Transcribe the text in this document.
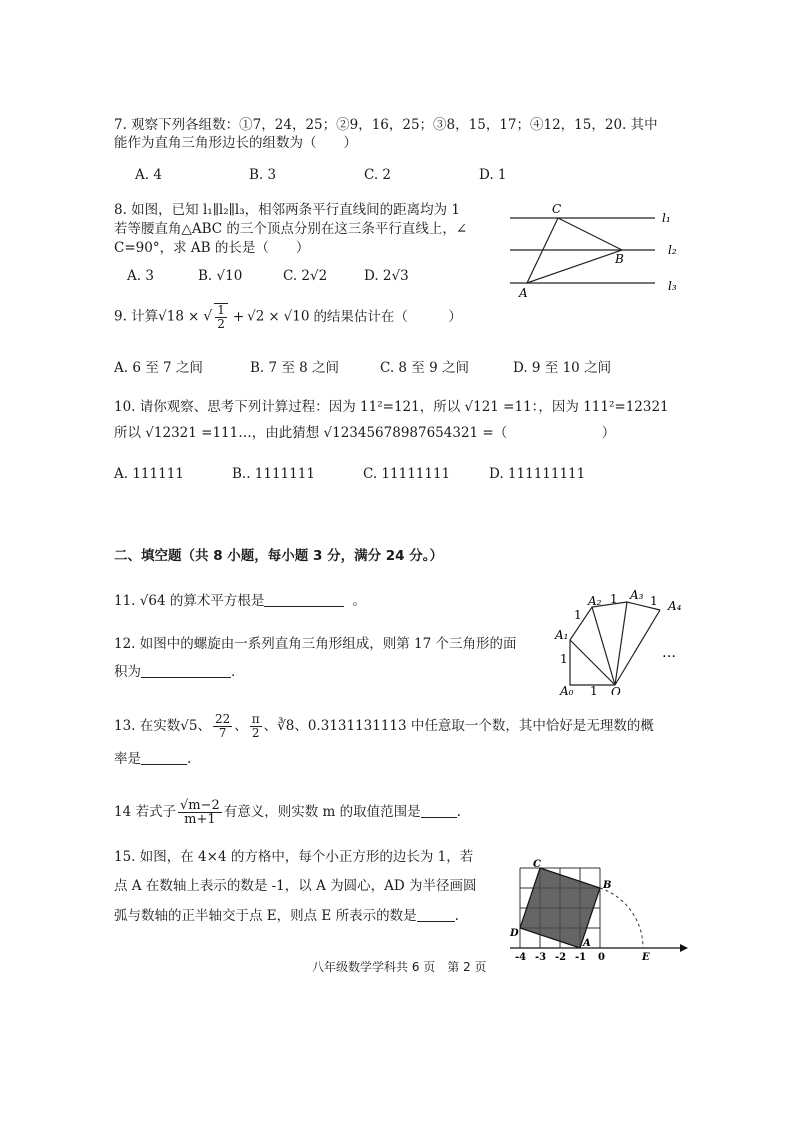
7. 观察下列各组数：①7，24，25；②9，16，25；③8，15，17；④12，15，20. 其中
能作为直角三角形边长的组数为（　　）
A. 4	B. 3	C. 2	D. 1
8. 如图，已知 l₁∥l₂∥l₃，相邻两条平行直线间的距离均为 1
若等腰直角△ABC 的三个顶点分别在这三条平行直线上，∠
C=90°，求 AB 的长是（　　）
A. 3	B. √10	C. 2√2	D. 2√3
C
B
A
l₁
l₂
l₃
9. 计算√18 × √ $\frac{1}{2} + √2 \times √10$ 的结果估计在（　　　）
A. 6 至 7 之间	B. 7 至 8 之间	C. 8 至 9 之间	D. 9 至 10 之间
10. 请你观察、思考下列计算过程：因为 11²=121，所以 √121 =11：，因为 111²=12321
所以 √12321 =111…，由此猜想 √12345678987654321 =（　　　　　　　）
A. 111111	B.. 1111111	C. 11111111	D. 111111111
二、填空题（共 8 小题，每小题 3 分，满分 24 分。）
11. √64 的算术平方根是	。
12. 如图中的螺旋由一系列直角三角形组成，则第 17 个三角形的面
积为	.
A₀
A₁
A₂ A₃
A₄
O
1
1
1
1	1
…
13. 在实数√5、 $\frac{22}{7}$ 、 $\frac{\pi}{2}$ 、∛8、0.3131131113 中任意取一个数，其中恰好是无理数的概
率是	.
14 若式子 $\frac{√m-2}{m+1}$ 有意义，则实数 m 的取值范围是	.
15. 如图，在 4×4 的方格中，每个小正方形的边长为 1，若
点 A 在数轴上表示的数是 -1，以 A 为圆心，AD 为半径画圆
弧与数轴的正半轴交于点 E，则点 E 所表示的数是	.
C
B
D
A
E
-4 -3 -2 -1 0
八年级数学学科共 6 页　第 2 页
